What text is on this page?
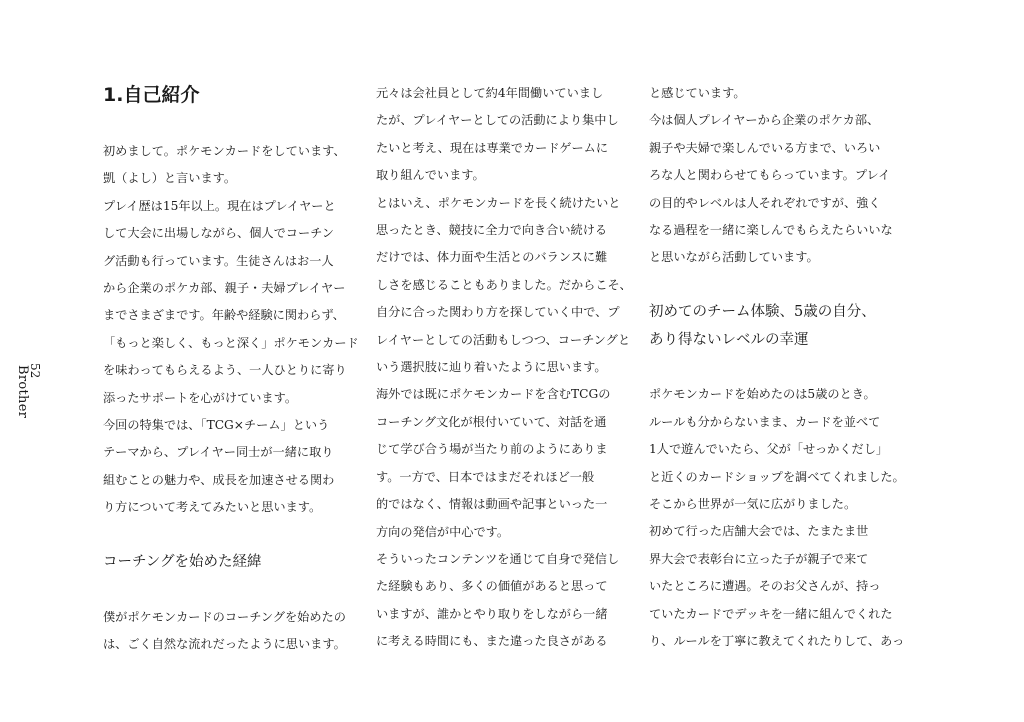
Brother
52
1.自己紹介

初めまして。ポケモンカードをしています、

凱（よし）と言います。

プレイ歴は15年以上。現在はプレイヤーと

して大会に出場しながら、個人でコーチン

グ活動も行っています。生徒さんはお一人

から企業のポケカ部、親子・夫婦プレイヤー

までさまざまです。年齢や経験に関わらず、

「もっと楽しく、もっと深く」ポケモンカード

を味わってもらえるよう、一人ひとりに寄り

添ったサポートを心がけています。

今回の特集では、「TCG×チーム」という

テーマから、プレイヤー同士が一緒に取り

組むことの魅力や、成長を加速させる関わ

り方について考えてみたいと思います。

コーチングを始めた経緯

僕がポケモンカードのコーチングを始めたの

は、ごく自然な流れだったように思います。

元々は会社員として約4年間働いていまし

たが、プレイヤーとしての活動により集中し

たいと考え、現在は専業でカードゲームに

取り組んでいます。

とはいえ、ポケモンカードを長く続けたいと

思ったとき、競技に全力で向き合い続ける

だけでは、体力面や生活とのバランスに難

しさを感じることもありました。だからこそ、

自分に合った関わり方を探していく中で、プ

レイヤーとしての活動もしつつ、コーチングと

いう選択肢に辿り着いたように思います。

海外では既にポケモンカードを含むTCGの

コーチング文化が根付いていて、対話を通

じて学び合う場が当たり前のようにありま

す。一方で、日本ではまだそれほど一般

的ではなく、情報は動画や記事といった一

方向の発信が中心です。

そういったコンテンツを通じて自身で発信し

た経験もあり、多くの価値があると思って

いますが、誰かとやり取りをしながら一緒

に考える時間にも、また違った良さがある

と感じています。

今は個人プレイヤーから企業のポケカ部、

親子や夫婦で楽しんでいる方まで、いろい

ろな人と関わらせてもらっています。プレイ

の目的やレベルは人それぞれですが、強く

なる過程を一緒に楽しんでもらえたらいいな

と思いながら活動しています。

初めてのチーム体験、5歳の自分、

あり得ないレベルの幸運

ポケモンカードを始めたのは5歳のとき。

ルールも分からないまま、カードを並べて

1人で遊んでいたら、父が「せっかくだし」

と近くのカードショップを調べてくれました。

そこから世界が一気に広がりました。

初めて行った店舗大会では、たまたま世

界大会で表彰台に立った子が親子で来て

いたところに遭遇。そのお父さんが、持っ

ていたカードでデッキを一緒に組んでくれた

り、ルールを丁寧に教えてくれたりして、あっ
